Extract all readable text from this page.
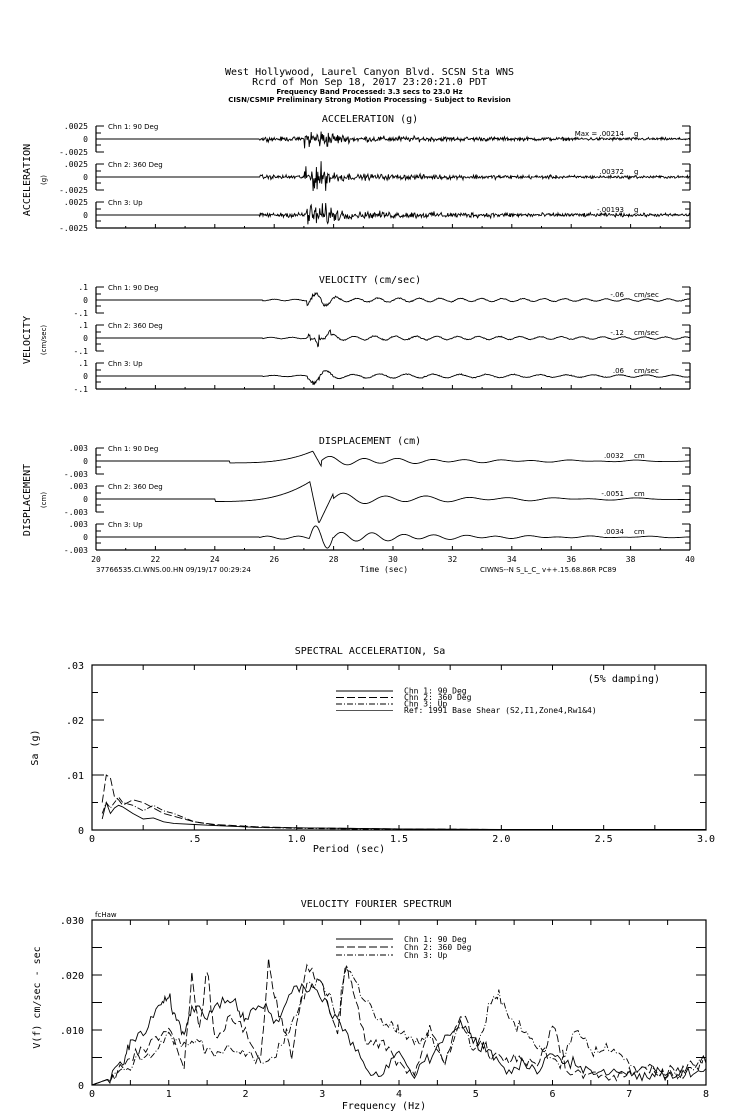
West Hollywood, Laurel Canyon Blvd. SCSN Sta WNS
Rcrd of Mon Sep 18, 2017 23:20:21.0 PDT
Frequency Band Processed: 3.3 secs to 23.0 Hz
CISN/CSMIP Preliminary Strong Motion Processing - Subject to Revision
ACCELERATION (g)
ACCELERATION (g)
.0025
0
-.0025
Chn 1: 90 Deg
Max = .00214 g
.0025
0
-.0025
Chn 2: 360 Deg
.00372 g
.0025
0
-.0025
Chn 3: Up
-.00193 g
VELOCITY (cm/sec)
VELOCITY (cm/sec)
.1
0
-.1
Chn 1: 90 Deg
-.06 cm/sec
.1
0
-.1
Chn 2: 360 Deg
-.12 cm/sec
.1
0
-.1
Chn 3: Up
.06 cm/sec
DISPLACEMENT (cm)
DISPLACEMENT (cm)
.003
0
-.003
Chn 1: 90 Deg
.0032 cm
.003
0
-.003
Chn 2: 360 Deg
-.0051 cm
.003
0
-.003
Chn 3: Up
.0034 cm
20	22	24	26	28	30	32	34	36	38	40
Time (sec)
37766535.CI.WNS.00.HN 09/19/17 00:29:24	CIWNS--N S_L_C_ v++.15.68.86R PC89
SPECTRAL ACCELERATION, Sa
0	.5	1.0	1.5	2.0	2.5	3.0
0
.01
.02
.03
Period (sec)
Sa (g)
(5% damping)
Chn 1: 90 Deg
Chn 2: 360 Deg
Chn 3: Up
Ref: 1991 Base Shear (S2,I1,Zone4,Rw1&4)
VELOCITY FOURIER SPECTRUM
fcHaw
0	1	2	3	4	5	6	7	8
0
.010
.020
.030
Frequency (Hz)
V(f) cm/sec - sec
Chn 1: 90 Deg
Chn 2: 360 Deg
Chn 3: Up
